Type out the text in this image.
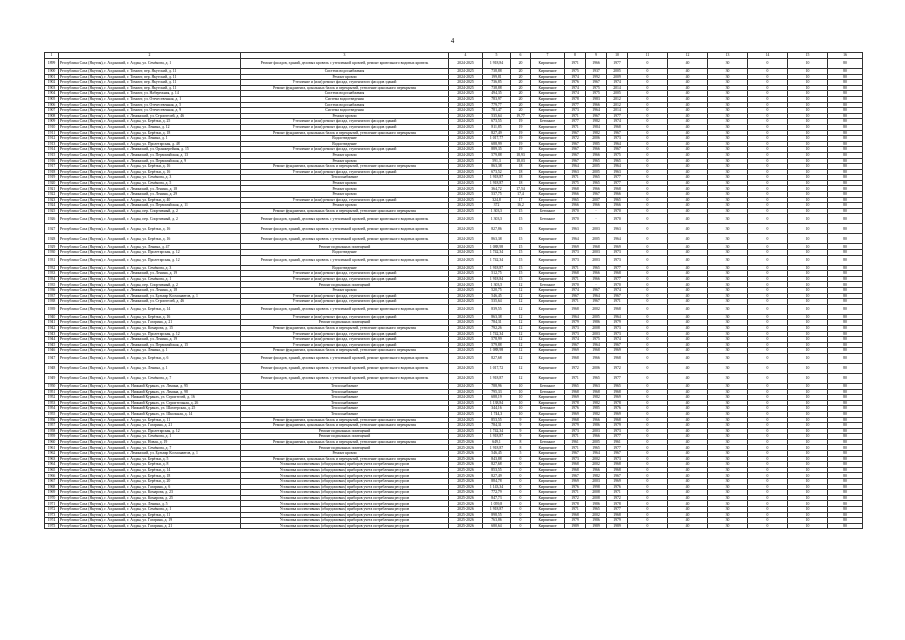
4
1	2	3	4	5	6	7	8	9	10	11	12	13	14	15	16
1899	Республика Саха (Якутия), г. Алданский, г. Алдан, ул. Семёнова, д. 1	Ремонт фасадов, зданий, деловых кровель с утепленной кровлей, ремонт кровельного видовых кровель	2024-2025	1 918,84	20	Кирпичное	1971	1966	1977	0	40	30	0	10	80
1900	Республика Саха (Якутия), г. Алданский, г. Томмот, пер. Якутский, д. 11	Система водоснабжения	2024-2025	738,88	20	Кирпичное	1975	1937	2005	0	40	30	0	10	80
1901	Республика Саха (Якутия), г. Алданский, г. Томмот, пер. Якутский, д. 11	Ремонт кровли	2024-2025	199,81	20	Кирпичное	1974	1992	2009	0	40	30	0	10	80
1902	Республика Саха (Якутия), г. Алданский, г. Томмот, пер. Якутский, д. 11	Утепление и (или) ремонт фасада, ступенчатого фасадов зданий	2024-2025	736,85	20	Кирпичное	1976	1967	1974	0	40	30	0	10	80
1903	Республика Саха (Якутия), г. Алданский, г. Томмот, пер. Якутский, д. 11	Ремонт фундамента, цокольных балок и перекрытий, утепление цокольного перекрытия	2024-2025	738,88	20	Кирпичное	1974	1975	2014	0	40	30	0	10	80
1904	Республика Саха (Якутия), г. Алданский, г. Томмот, ул. Набережная, д. 14	Система водоснабжения	2024-2025	494,35	20	Кирпичное	1974	1975	2005	0	40	30	0	10	80
1905	Республика Саха (Якутия), г. Алданский, г. Томмот, ул. Отечественная, д. 1	Система водоотведения	2024-2025	783,97	20	Кирпичное	1978	1983	2012	0	40	30	0	10	80
1906	Республика Саха (Якутия), г. Алданский, г. Томмот, ул. Отечественная, д. 5	Система водоснабжения	2024-2025	779,77	20	Кирпичное	1977	1966	2012	0	40	30	0	10	80
1907	Республика Саха (Якутия), г. Алданский, г. Томмот, ул. Отечественная, д. 9	Система водоотведения	2024-2025	781,47	20	Кирпичное	1973	1964	2014	0	40	30	0	10	80
1908	Республика Саха (Якутия), г. Алданский, г. Ленинский, ул. Строителей, д. 46	Ремонт кровли	2024-2025	535,64	19,77	Кирпичное	1971	1967	1977	0	40	30	0	10	80
1909	Республика Саха (Якутия), г. Алданский, г. Алдан, ул. Берёзки, д. 25	Утепление и (или) ремонт фасада, ступенчатого фасадов зданий	2024-2025	673,55	19	Бетонное	1977	1982	1974	0	40	30	0	10	80
1910	Республика Саха (Якутия), г. Алданский, г. Алдан, ул. Ленина, д. 12	Утепление и (или) ремонт фасада, ступенчатого фасадов зданий	2024-2025	811,85	19	Кирпичное	1971	1984	1968	0	40	30	0	10	80
1911	Республика Саха (Якутия), г. Алданский, г. Алдан, ул. Берёзки, д. 18	Ремонт фундамента, цокольных балок и перекрытий, утепление цокольного перекрытия	2024-2025	827,49	19	Кирпичное	1967	1982	1967	0	40	30	0	10	80
1912	Республика Саха (Якутия), г. Алданский, г. Алдан, ул. Ленина, д. 1	Водоотведение	2024-2025	1 017,77	19	Кирпичное	1972	2006	1973	0	40	30	0	10	80
1913	Республика Саха (Якутия), г. Алданский, г. Алдан, ул. Пролетарская, д. 48	Водоотведение	2024-2025	688,99	19	Кирпичное	1967	1985	1964	0	40	30	0	10	80
1914	Республика Саха (Якутия), г. Алданский, г. Ленинский, ул. Оранжерейная, д. 15	Утепление и (или) ремонт фасада, ступенчатого фасадов зданий	2024-2025	889,35	19	Кирпичное	1967	1966	1967	0	40	30	0	10	80
1915	Республика Саха (Якутия), г. Алданский, г. Ленинский, ул. Первомайская, д. 13	Ремонт кровли	2024-2025	579,88	18,93	Кирпичное	1967	1966	1975	0	40	30	0	10	80
1916	Республика Саха (Якутия), г. Алданский, г. Ленинский, ул. Первомайская, д. 9	Ремонт кровли	2024-2025	591,3	18,03	Кирпичное	1967	1965	1965	0	40	30	0	10	80
1917	Республика Саха (Якутия), г. Алданский, г. Алдан, ул. Берёзки, д. 16	Ремонт фундамента, цокольных балок и перекрытий, утепление цокольного перекрытия	2024-2025	863,38	18	Кирпичное	1964	2005	1964	0	40	30	0	10	80
1918	Республика Саха (Якутия), г. Алданский, г. Алдан, ул. Берёзки, д. 16	Утепление и (или) ремонт фасада, ступенчатого фасадов зданий	2024-2025	673,52	18	Кирпичное	1963	2005	1963	0	40	30	0	10	80
1919	Республика Саха (Якутия), г. Алданский, г. Алдан, ул. Семёнова, д. 3	Теплоснабжение	2024-2025	1 918,87	18	Кирпичное	1971	1965	1977	0	40	30	0	10	80
1920	Республика Саха (Якутия), г. Алданский, г. Алдан, ул. Семёнова, д. 5	Ремонт кровли	2024-2025	1 918,87	18	Кирпичное	1975	1965	1977	0	40	30	0	10	80
1921	Республика Саха (Якутия), г. Алданский, г. Ленинский, ул. Ленина, д. 18	Ремонт кровли	2024-2025	364,72	17,54	Кирпичное	1968	1966	1968	0	40	30	0	10	80
1922	Республика Саха (Якутия), г. Алданский, г. Ленинский, ул. Ленина, д. 29	Ремонт кровли	2024-2025	537,75	17,4	Кирпичное	1966	1967	1966	0	40	30	0	10	80
1923	Республика Саха (Якутия), г. Алданский, г. Алдан, ул. Берёзки, д. 40	Утепление и (или) ремонт фасада, ступенчатого фасадов зданий	2024-2025	324,8	17	Кирпичное	1965	2007	1965	0	40	30	0	10	80
1924	Республика Саха (Якутия), г. Алданский, г. Ленинский, ул. Первомайская, д. 11	Ремонт кровли	2024-2025	372	16,2	Кирпичное	1966	1966	1966	0	40	30	0	10	80
1925	Республика Саха (Якутия), г. Алданский, г. Алдан, пер. Спортивный, д. 2	Ремонт фундамента, цокольных балок и перекрытий, утепление цокольного перекрытия	2024-2025	1 303,5	15	Бетонное	1970	-	1970	0	40	30	0	10	80
1926	Республика Саха (Якутия), г. Алданский, г. Алдан, пер. Спортивный, д. 2	Ремонт фасадов, зданий, деловых кровель с утепленной кровлей, ремонт кровельного видовых кровель	2024-2025	1 303,5	15	Бетонное	1970	-	1970	0	40	30	0	10	80
1927	Республика Саха (Якутия), г. Алданский, г. Алдан, ул. Берёзки, д. 16	Ремонт фасадов, зданий, деловых кровель с утепленной кровлей, ремонт кровельного видовых кровель	2024-2025	827,86	15	Кирпичное	1963	2003	1963	0	40	30	0	10	80
1928	Республика Саха (Якутия), г. Алданский, г. Алдан, ул. Берёзки, д. 16	Ремонт фасадов, зданий, деловых кровель с утепленной кровлей, ремонт кровельного видовых кровель	2024-2025	863,38	15	Кирпичное	1964	2005	1964	0	40	30	0	10	80
1929	Республика Саха (Якутия), г. Алданский, г. Алдан, ул. Ленина, д. 47	Ремонт подвальных помещений	2024-2025	1 088,98	15	Кирпичное	1969	1968	1969	0	40	30	0	10	80
1930	Республика Саха (Якутия), г. Алданский, г. Алдан, ул. Пролетарская, д. 12	Водоотведение	2024-2025	1 742,34	15	Кирпичное	1973	2003	1973	0	40	30	0	10	80
1931	Республика Саха (Якутия), г. Алданский, г. Алдан, ул. Пролетарская, д. 12	Ремонт фасадов, зданий, деловых кровель с утепленной кровлей, ремонт кровельного видовых кровель	2024-2025	1 742,34	15	Кирпичное	1973	2003	1973	0	40	30	0	10	80
1932	Республика Саха (Якутия), г. Алданский, г. Алдан, ул. Семёнова, д. 3	Водоотведение	2024-2025	1 918,87	15	Кирпичное	1971	1965	1977	0	40	30	0	10	80
1933	Республика Саха (Якутия), г. Алданский, г. Ленинский, ул. Ленина, д. 19	Утепление и (или) ремонт фасада, ступенчатого фасадов зданий	2024-2025	512,75	15	Кирпичное	1968	1966	1968	0	40	30	0	10	80
1934	Республика Саха (Якутия), г. Алданский, г. Алдан, ул. Семёнова, д. 1	Утепление и (или) ремонт фасада, ступенчатого фасадов зданий	2024-2025	1 918,84	15	Кирпичное	1971	1966	1977	0	40	30	0	10	80
1935	Республика Саха (Якутия), г. Алданский, г. Алдан, пер. Спортивный, д. 2	Ремонт подвальных помещений	2024-2025	1 303,5	12	Бетонное	1970	-	1970	0	40	30	0	10	80
1936	Республика Саха (Якутия), г. Алданский, г. Ленинский, ул. Ленина, д. 18	Ремонт кровли	2024-2025	520,75	12	Кирпичное	1974	1967	1974	0	40	30	0	10	80
1937	Республика Саха (Якутия), г. Алданский, г. Ленинский, ул. Бульвар Космонавтов, д. 1	Утепление и (или) ремонт фасада, ступенчатого фасадов зданий	2024-2025	546,45	12	Кирпичное	1967	1964	1967	0	40	30	0	10	80
1938	Республика Саха (Якутия), г. Алданский, г. Ленинский, ул. Строителей, д. 46	Утепление и (или) ремонт фасада, ступенчатого фасадов зданий	2024-2025	535,64	12	Кирпичное	1971	1967	1971	0	40	30	0	10	80
1939	Республика Саха (Якутия), г. Алданский, г. Алдан, ул. Берёзки, д. 14	Ремонт фасадов, зданий, деловых кровель с утепленной кровлей, ремонт кровельного видовых кровель	2024-2025	839,55	12	Кирпичное	1968	2002	1968	0	40	30	0	10	80
1940	Республика Саха (Якутия), г. Алданский, г. Алдан, ул. Берёзки, д. 16	Утепление и (или) ремонт фасада, ступенчатого фасадов зданий	2024-2025	863,38	12	Кирпичное	1964	2005	1964	0	40	30	0	10	80
1941	Республика Саха (Якутия), г. Алданский, г. Алдан, ул. Гагарина, д. 21	Ремонт подвальных помещений	2024-2025	784,31	12	Кирпичное	1979	1986	1979	0	40	30	0	10	80
1942	Республика Саха (Якутия), г. Алданский, г. Алдан, ул. Комарова, д. 15	Ремонт фундамента, цокольных балок и перекрытий, утепление цокольного перекрытия	2024-2025	792,26	12	Кирпичное	1973	2008	1973	0	40	30	0	10	80
1943	Республика Саха (Якутия), г. Алданский, г. Алдан, ул. Пролетарская, д. 12	Утепление и (или) ремонт фасада, ступенчатого фасадов зданий	2024-2025	1 742,34	12	Кирпичное	1973	2003	1973	0	40	30	0	10	80
1944	Республика Саха (Якутия), г. Алданский, г. Ленинский, ул. Ленина, д. 19	Утепление и (или) ремонт фасада, ступенчатого фасадов зданий	2024-2025	578,99	12	Кирпичное	1974	1975	1974	0	40	30	0	10	80
1945	Республика Саха (Якутия), г. Алданский, г. Ленинский, ул. Первомайская, д. 15	Утепление и (или) ремонт фасада, ступенчатого фасадов зданий	2024-2025	579,88	12	Кирпичное	1967	1964	1967	0	40	30	0	10	80
1946	Республика Саха (Якутия), г. Алданский, г. Алдан, ул. Ленина, д. 1	Ремонт фундамента, цокольных балок и перекрытий, утепление цокольного перекрытия	2024-2025	1 088,98	12	Кирпичное	1969	1968	1969	0	40	30	0	10	80
1947	Республика Саха (Якутия), г. Алданский, г. Алдан, ул. Берёзки, д. 6	Ремонт фасадов, зданий, деловых кровель с утепленной кровлей, ремонт кровельного видовых кровель	2024-2025	827,68	12	Кирпичное	1968	1966	1968	0	40	30	0	10	80
1948	Республика Саха (Якутия), г. Алданский, г. Алдан, ул. Ленина, д. 1	Ремонт фасадов, зданий, деловых кровель с утепленной кровлей, ремонт кровельного видовых кровель	2024-2025	1 017,72	12	Кирпичное	1972	2006	1972	0	40	30	0	10	80
1949	Республика Саха (Якутия), г. Алданский, г. Алдан, ул. Семёнова, д. 7	Ремонт фасадов, зданий, деловых кровель с утепленной кровлей, ремонт кровельного видовых кровель	2024-2025	1 918,87	12	Кирпичное	1971	1965	1977	0	40	30	0	10	80
1950	Республика Саха (Якутия), г. Алданский, п. Нижний Куранах, ул. Ленина, д. 95	Теплоснабжение	2024-2025	788,96	10	Бетонное	1965	1963	1965	0	40	30	0	10	80
1951	Республика Саха (Якутия), г. Алданский, п. Нижний Куранах, ул. Ленина, д. 98	Теплоснабжение	2024-2025	795,33	10	Бетонное	1968	1968	1968	0	40	30	0	10	80
1952	Республика Саха (Якутия), г. Алданский, п. Нижний Куранах, ул. Строителей, д. 16	Теплоснабжение	2024-2025	688,19	10	Кирпичное	1969	1982	1969	0	40	30	0	10	80
1953	Республика Саха (Якутия), г. Алданский, п. Нижний Куранах, ул. Строительная, д. 26	Теплоснабжение	2024-2025	1 138,84	10	Кирпичное	1978	1982	1978	0	40	30	0	10	80
1954	Республика Саха (Якутия), г. Алданский, п. Нижний Куранах, ул. Шахтерская, д. 25	Теплоснабжение	2024-2025	344,16	10	Бетонное	1976	1985	1976	0	40	30	0	10	80
1955	Республика Саха (Якутия), г. Алданский, п. Нижний Куранах, ул. Школьная, д. 14	Теплоснабжение	2024-2025	1 744,3	10	Кирпичное	1969	1982	1969	0	40	30	0	10	80
1956	Республика Саха (Якутия), г. Алданский, г. Алдан, ул. Берёзки, д. 11	Ремонт фундамента, цокольных балок и перекрытий, утепление цокольного перекрытия	2024-2025	853,55	9	Кирпичное	1968	1966	1968	0	40	30	0	10	80
1957	Республика Саха (Якутия), г. Алданский, г. Алдан, ул. Гагарина, д. 21	Ремонт фундамента, цокольных балок и перекрытий, утепление цокольного перекрытия	2024-2025	784,31	9	Кирпичное	1979	1986	1979	0	40	30	0	10	80
1958	Республика Саха (Якутия), г. Алданский, г. Алдан, ул. Пролетарская, д. 12	Ремонт подвальных помещений	2024-2025	1 742,34	9	Кирпичное	1973	2003	1973	0	40	30	0	10	80
1959	Республика Саха (Якутия), г. Алданский, г. Алдан, ул. Семёнова, д. 1	Ремонт подвальных помещений	2024-2025	1 918,87	9	Кирпичное	1971	1966	1977	0	40	30	0	10	80
1960	Республика Саха (Якутия), г. Алданский, г. Алдан, ул. Новая, д. 19	Ремонт фундамента, цокольных балок и перекрытий, утепление цокольного перекрытия	2025-2026	649,1	8	Бетонное	1961	2005	1961	0	40	30	0	10	80
1961	Республика Саха (Якутия), г. Алданский, г. Алдан, ул. Семёнова, д. 7	Ремонт подвальных помещений	2025-2026	1 918,87	8	Кирпичное	1971	1965	1977	0	40	30	0	10	80
1962	Республика Саха (Якутия), г. Алданский, г. Ленинский, ул. Бульвар Космонавтов, д. 1	Ремонт кровли	2025-2026	546,45	5	Кирпичное	1967	1964	1967	0	40	30	0	10	80
1963	Республика Саха (Якутия), г. Алданский, г. Алдан, ул. Берёзки, д. 5	Ремонт фундамента, цокольных балок и перекрытий, утепление цокольного перекрытия	2025-2026	843,88	0	Кирпичное	1973	2002	1973	0	40	30	0	10	80
1964	Республика Саха (Якутия), г. Алданский, г. Алдан, ул. Берёзки, д. 8	Установка коллективных (общедомовых) приборов учета потребления ресурсов	2025-2026	827,68	0	Кирпичное	1968	2002	1968	0	40	30	0	10	80
1965	Республика Саха (Якутия), г. Алданский, г. Алдан, ул. Берёзки, д. 14	Установка коллективных (общедомовых) приборов учета потребления ресурсов	2025-2026	853,55	0	Кирпичное	1968	1966	1968	0	40	30	0	10	80
1966	Республика Саха (Якутия), г. Алданский, г. Алдан, ул. Берёзки, д. 18	Установка коллективных (общедомовых) приборов учета потребления ресурсов	2025-2026	827,49	0	Кирпичное	1967	1982	1967	0	40	30	0	10	80
1967	Республика Саха (Якутия), г. Алданский, г. Алдан, ул. Берёзки, д. 20	Установка коллективных (общедомовых) приборов учета потребления ресурсов	2025-2026	884,78	0	Кирпичное	1969	2003	1969	0	40	30	0	10	80
1968	Республика Саха (Якутия), г. Алданский, г. Алдан, ул. Гагарина, д. 6	Установка коллективных (общедомовых) приборов учета потребления ресурсов	2025-2026	1 143,34	0	Кирпичное	1976	1998	1976	0	40	30	0	10	80
1969	Республика Саха (Якутия), г. Алданский, г. Алдан, ул. Комарова, д. 23	Установка коллективных (общедомовых) приборов учета потребления ресурсов	2025-2026	772,79	0	Кирпичное	1971	2008	1971	0	40	30	0	10	80
1970	Республика Саха (Якутия), г. Алданский, г. Алдан, ул. Комарова, д. 25	Установка коллективных (общедомовых) приборов учета потребления ресурсов	2025-2026	847,73	0	Кирпичное	1972	2008	1972	0	40	30	0	10	80
1971	Республика Саха (Якутия), г. Алданский, г. Алдан, ул. Ленина, д. 5	Установка коллективных (общедомовых) приборов учета потребления ресурсов	2025-2026	1 059,8	0	Кирпичное	1978	1986	1978	0	40	30	0	10	80
1972	Республика Саха (Якутия), г. Алданский, г. Алдан, ул. Семёнова, д. 1	Установка коллективных (общедомовых) приборов учета потребления ресурсов	2025-2026	1 918,87	0	Кирпичное	1971	1965	1977	0	40	30	0	10	80
1973	Республика Саха (Якутия), г. Алданский, г. Алдан, ул. Берёзки, д. 11	Установка коллективных (общедомовых) приборов учета потребления ресурсов	2025-2026	898,55	0	Кирпичное	1968	2002	1968	0	40	30	0	10	80
1974	Республика Саха (Якутия), г. Алданский, г. Алдан, ул. Гагарина, д. 19	Установка коллективных (общедомовых) приборов учета потребления ресурсов	2025-2026	763,86	0	Кирпичное	1979	1986	1979	0	40	30	0	10	80
1975	Республика Саха (Якутия), г. Алданский, г. Алдан, ул. Гагарина, д. 21	Установка коллективных (общедомовых) приборов учета потребления ресурсов	2025-2026	680,64	0	Кирпичное	1989	1989	1989	0	40	30	0	10	80
